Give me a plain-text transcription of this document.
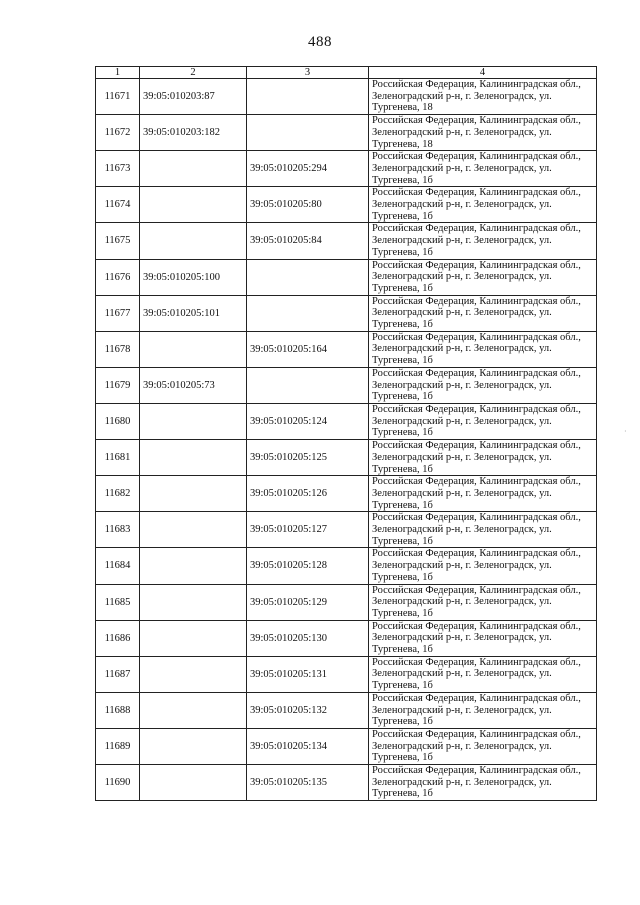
488
1	2	3	4
11671	39:05:010203:87		Российская Федерация, Калининградская обл., Зеленоградский р-н, г. Зеленоградск, ул. Тургенева, 18
11672	39:05:010203:182		Российская Федерация, Калининградская обл., Зеленоградский р-н, г. Зеленоградск, ул. Тургенева, 18
11673		39:05:010205:294	Российская Федерация, Калининградская обл., Зеленоградский р-н, г. Зеленоградск, ул. Тургенева, 1б
11674		39:05:010205:80	Российская Федерация, Калининградская обл., Зеленоградский р-н, г. Зеленоградск, ул. Тургенева, 1б
11675		39:05:010205:84	Российская Федерация, Калининградская обл., Зеленоградский р-н, г. Зеленоградск, ул. Тургенева, 1б
11676	39:05:010205:100		Российская Федерация, Калининградская обл., Зеленоградский р-н, г. Зеленоградск, ул. Тургенева, 1б
11677	39:05:010205:101		Российская Федерация, Калининградская обл., Зеленоградский р-н, г. Зеленоградск, ул. Тургенева, 1б
11678		39:05:010205:164	Российская Федерация, Калининградская обл., Зеленоградский р-н, г. Зеленоградск, ул. Тургенева, 1б
11679	39:05:010205:73		Российская Федерация, Калининградская обл., Зеленоградский р-н, г. Зеленоградск, ул. Тургенева, 1б
11680		39:05:010205:124	Российская Федерация, Калининградская обл., Зеленоградский р-н, г. Зеленоградск, ул. Тургенева, 1б
11681		39:05:010205:125	Российская Федерация, Калининградская обл., Зеленоградский р-н, г. Зеленоградск, ул. Тургенева, 1б
11682		39:05:010205:126	Российская Федерация, Калининградская обл., Зеленоградский р-н, г. Зеленоградск, ул. Тургенева, 1б
11683		39:05:010205:127	Российская Федерация, Калининградская обл., Зеленоградский р-н, г. Зеленоградск, ул. Тургенева, 1б
11684		39:05:010205:128	Российская Федерация, Калининградская обл., Зеленоградский р-н, г. Зеленоградск, ул. Тургенева, 1б
11685		39:05:010205:129	Российская Федерация, Калининградская обл., Зеленоградский р-н, г. Зеленоградск, ул. Тургенева, 1б
11686		39:05:010205:130	Российская Федерация, Калининградская обл., Зеленоградский р-н, г. Зеленоградск, ул. Тургенева, 1б
11687		39:05:010205:131	Российская Федерация, Калининградская обл., Зеленоградский р-н, г. Зеленоградск, ул. Тургенева, 1б
11688		39:05:010205:132	Российская Федерация, Калининградская обл., Зеленоградский р-н, г. Зеленоградск, ул. Тургенева, 1б
11689		39:05:010205:134	Российская Федерация, Калининградская обл., Зеленоградский р-н, г. Зеленоградск, ул. Тургенева, 1б
11690		39:05:010205:135	Российская Федерация, Калининградская обл., Зеленоградский р-н, г. Зеленоградск, ул. Тургенева, 1б
·
